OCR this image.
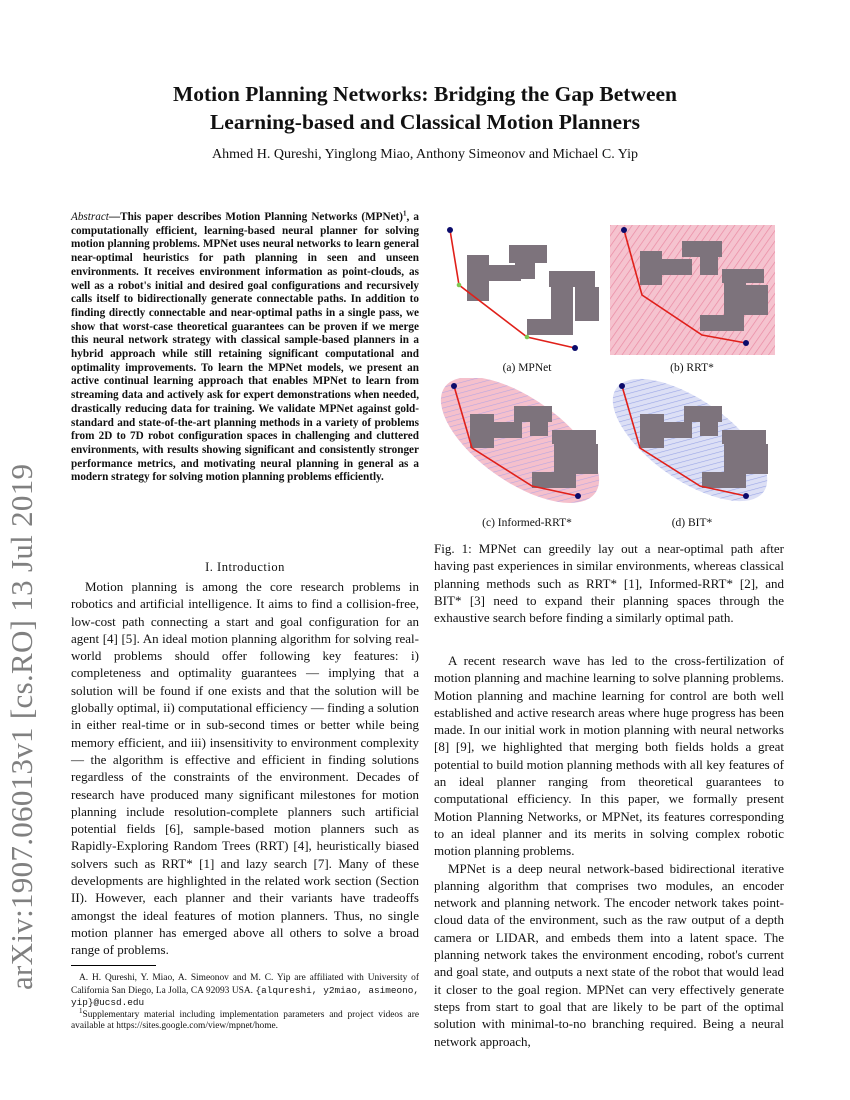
arXiv:1907.06013v1 [cs.RO] 13 Jul 2019
Motion Planning Networks: Bridging the Gap Between
Learning-based and Classical Motion Planners
Ahmed H. Qureshi, Yinglong Miao, Anthony Simeonov and Michael C. Yip
Abstract—This paper describes Motion Planning Networks (MPNet)$^1$, a computationally efficient, learning-based neural planner for solving motion planning problems. MPNet uses neural networks to learn general near-optimal heuristics for path planning in seen and unseen environments. It receives environment information as point-clouds, as well as a robot's initial and desired goal configurations and recursively calls itself to bidirectionally generate connectable paths. In addition to finding directly connectable and near-optimal paths in a single pass, we show that worst-case theoretical guarantees can be proven if we merge this neural network strategy with classical sample-based planners in a hybrid approach while still retaining significant computational and optimality improvements. To learn the MPNet models, we present an active continual learning approach that enables MPNet to learn from streaming data and actively ask for expert demonstrations when needed, drastically reducing data for training. We validate MPNet against gold-standard and state-of-the-art planning methods in a variety of problems from 2D to 7D robot configuration spaces in challenging and cluttered environments, with results showing significant and consistently stronger performance metrics, and motivating neural planning in general as a modern strategy for solving motion planning problems efficiently.
I. Introduction

Motion planning is among the core research problems in robotics and artificial intelligence. It aims to find a collision-free, low-cost path connecting a start and goal configuration for an agent [4] [5]. An ideal motion planning algorithm for solving real-world problems should offer following key features: i) completeness and optimality guarantees — implying that a solution will be found if one exists and that the solution will be globally optimal, ii) computational efficiency — finding a solution in either real-time or in sub-second times or better while being memory efficient, and iii) insensitivity to environment complexity — the algorithm is effective and efficient in finding solutions regardless of the constraints of the environment. Decades of research have produced many significant milestones for motion planning include resolution-complete planners such artificial potential fields [6], sample-based motion planners such as Rapidly-Exploring Random Trees (RRT) [4], heuristically biased solvers such as RRT* [1] and lazy search [7]. Many of these developments are highlighted in the related work section (Section II). However, each planner and their variants have tradeoffs amongst the ideal features of motion planners. Thus, no single motion planner has emerged above all others to solve a broad range of problems.

A. H. Qureshi, Y. Miao, A. Simeonov and M. C. Yip are affiliated with University of California San Diego, La Jolla, CA 92093 USA. {alqureshi, y2miao, asimeono, yip}@ucsd.edu

$^1$Supplementary material including implementation parameters and project videos are available at https://sites.google.com/view/mpnet/home.

(a) MPNet	(b) RRT*
(c) Informed-RRT*	(d) BIT*
Fig. 1: MPNet can greedily lay out a near-optimal path after having past experiences in similar environments, whereas classical planning methods such as RRT* [1], Informed-RRT* [2], and BIT* [3] need to expand their planning spaces through the exhaustive search before finding a similarly optimal path.

A recent research wave has led to the cross-fertilization of motion planning and machine learning to solve planning problems. Motion planning and machine learning for control are both well established and active research areas where huge progress has been made. In our initial work in motion planning with neural networks [8] [9], we highlighted that merging both fields holds a great potential to build motion planning methods with all key features of an ideal planner ranging from theoretical guarantees to computational efficiency. In this paper, we formally present Motion Planning Networks, or MPNet, its features corresponding to an ideal planner and its merits in solving complex robotic motion planning problems.

MPNet is a deep neural network-based bidirectional iterative planning algorithm that comprises two modules, an encoder network and planning network. The encoder network takes point-cloud data of the environment, such as the raw output of a depth camera or LIDAR, and embeds them into a latent space. The planning network takes the environment encoding, robot's current and goal state, and outputs a next state of the robot that would lead it closer to the goal region. MPNet can very effectively generate steps from start to goal that are likely to be part of the optimal solution with minimal-to-no branching required. Being a neural network approach,
